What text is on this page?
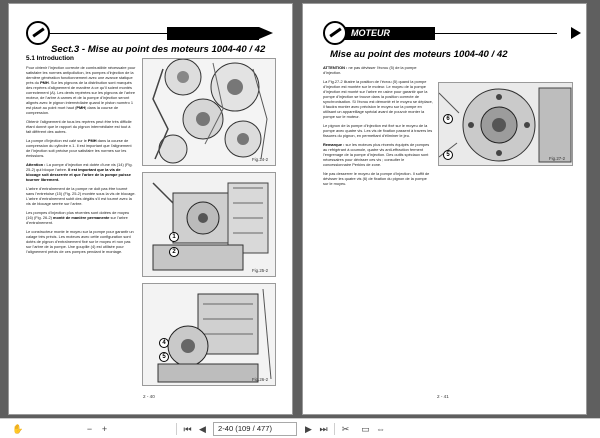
Sect.3 - Mise au point des moteurs 1004-40 / 42
5.1 Introduction

Pour obtenir l’injection correcte de combustible nécessaire pour satisfaire les normes antipollution, les pompes d’injection de la dernière génération fonctionnement avec une avance statique près du PMH. Sur les pignons de la distribution sont marqués des repères d’alignement de manière à ce qu’il soient montés correctement (A). Les dents repérées sur les pignons de l’arbre moteur, de l’arbre à cames et de la pompe d’injection seront alignés avec le pignon intermédiaire quand le piston numéro 1 est placé au point mort haut (PMH) dans la course de compression.

Obtenir l’alignement de tous les repères peut être très difficile étant donné que le rapport du pignon intermédiaire est tout à fait différent des autres.

La pompe d’injection est calé sur le PMH dans la course de compression du cylindre n.1. Il est important que l’alignement de l’injection soit précise pour satisfaire les normes sur les émissions.

Attention : La pompe d’injection est dotée d’une vis (14) (Fig. 25-2) qui bloque l’arbre. Il est important que la vis de blocage soit desserrée et que l’arbre de la pompe puisse tourner librement.

L’arbre d’entraînement de la pompe ne doit pas être tourné sans l’entretoise (15) (Fig. 25-2) montée sous la vis de blocage. L’arbre d’entraînement subit des dégâts s’il est tourné avec la vis de blocage serrée sur l’arbre.

Les pompes d’injection plus récentes sont dotées de moyeu (16) (Fig. 26-2) monté de manière permanente sur l’arbre d’entraînement.

Le constructeur monte le moyeu sur la pompe pour garantir un calage très précis. Les moteurs avec cette configuration sont dotés de pignon d’entraînement fixé sur le moyeu et non pas sur l’arbre de la pompe. Une goupille (4) est utilisée pour l’alignement précis de ces pompes pendant le montage.

Fig.24-2
1
2
Fig.25-2
4
5
Fig.26-2
2 - 40
MOTEUR
Mise au point des moteurs 1004-40 / 42

ATTENTION : ne pas dévisser l’écrou (5) de la pompe d’injection.

La Fig.27-2 illustre la position de l’écrou (5) quand la pompe d’injection est montée sur le moteur. Le moyeu de la pompe d’injection est monté sur l’arbre en usine pour garantir que la pompe d’injection se trouve dans la position correcte de synchronisation. Si l’écrou est démonté et le moyeu se déplace, il faudra monter avec précision le moyeu sur la pompe en utilisant un appareillage spécial avant de pouvoir monter la pompe sur le moteur.

Le pignon de la pompe d’injection est fixé sur le moyeu de la pompe avec quatre vis. Les vis de fixation passent à travers les fissures du pignon, en permettant d’éliminer le jeu.

Remarque : sur les moteurs plus récents équipés de pompes au refrigérant à coumole, quatre vis anti-effraction ferment l’engrenage de la pompe d’injection. Des outils spéciaux sont nécessaires pour dévisser ces vis ; consulter le concessionnaire Perkins de zone.

Ne pas desserrer le moyeu de la pompe d’injection. Il suffit de dévisser les quatre vis (6) de fixation du pignon de la pompe sur le moyeu.

6
5
Fig.27-2
2 - 41
✋	−	+	⏮ ◀	2-40 (109 / 477)	▶ ⏭ ✂ ▭ ⇔
